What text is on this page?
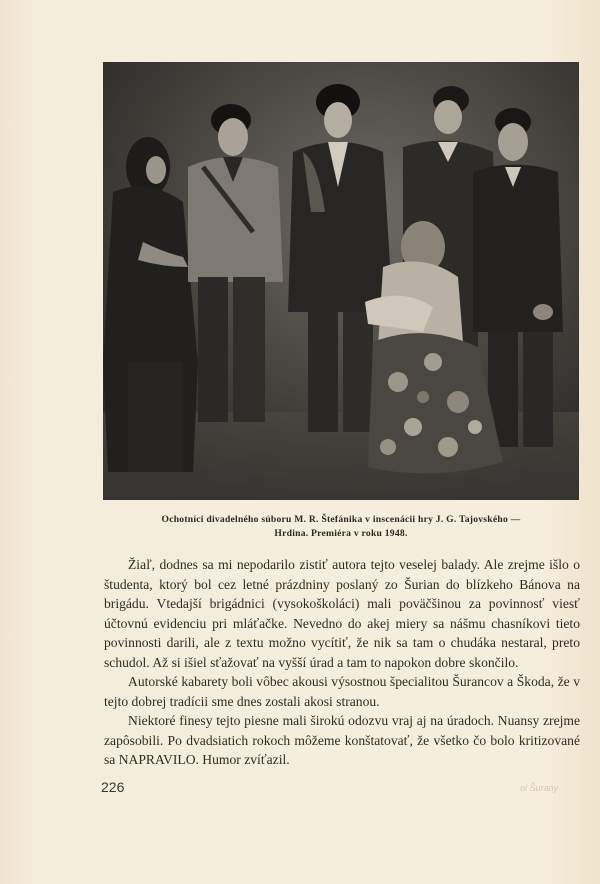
Ochotníci divadelného súboru M. R. Štefánika v inscenácii hry J. G. Tajovského —
Hrdina. Premiéra v roku 1948.

Žiaľ, dodnes sa mi nepodarilo zistiť autora tejto veselej balady. Ale zrejme išlo o študenta, ktorý bol cez letné prázdniny poslaný zo Šurian do blízkeho Bánova na brigádu. Vtedajší brigádnici (vysokoškoláci) mali poväčšinou za povinnosť viesť účtovnú evidenciu pri mláťačke. Nevedno do akej miery sa nášmu chasníkovi tieto povinnosti darili, ale z textu možno vycítiť, že nik sa tam o chudáka nestaral, preto schudol. Až si išiel sťažovať na vyšší úrad a tam to napokon dobre skončilo.

Autorské kabarety boli vôbec akousi výsostnou špecialitou Šurancov a Škoda, že v tejto dobrej tradícii sme dnes zostali akosi stranou.

Niektoré finesy tejto piesne mali širokú odozvu vraj aj na úradoch. Nuansy zrejme zapôsobili. Po dvadsiatich rokoch môžeme konštatovať, že všetko čo bolo kritizované sa NAPRAVILO. Humor zvíťazil.

226	ol Šurany
